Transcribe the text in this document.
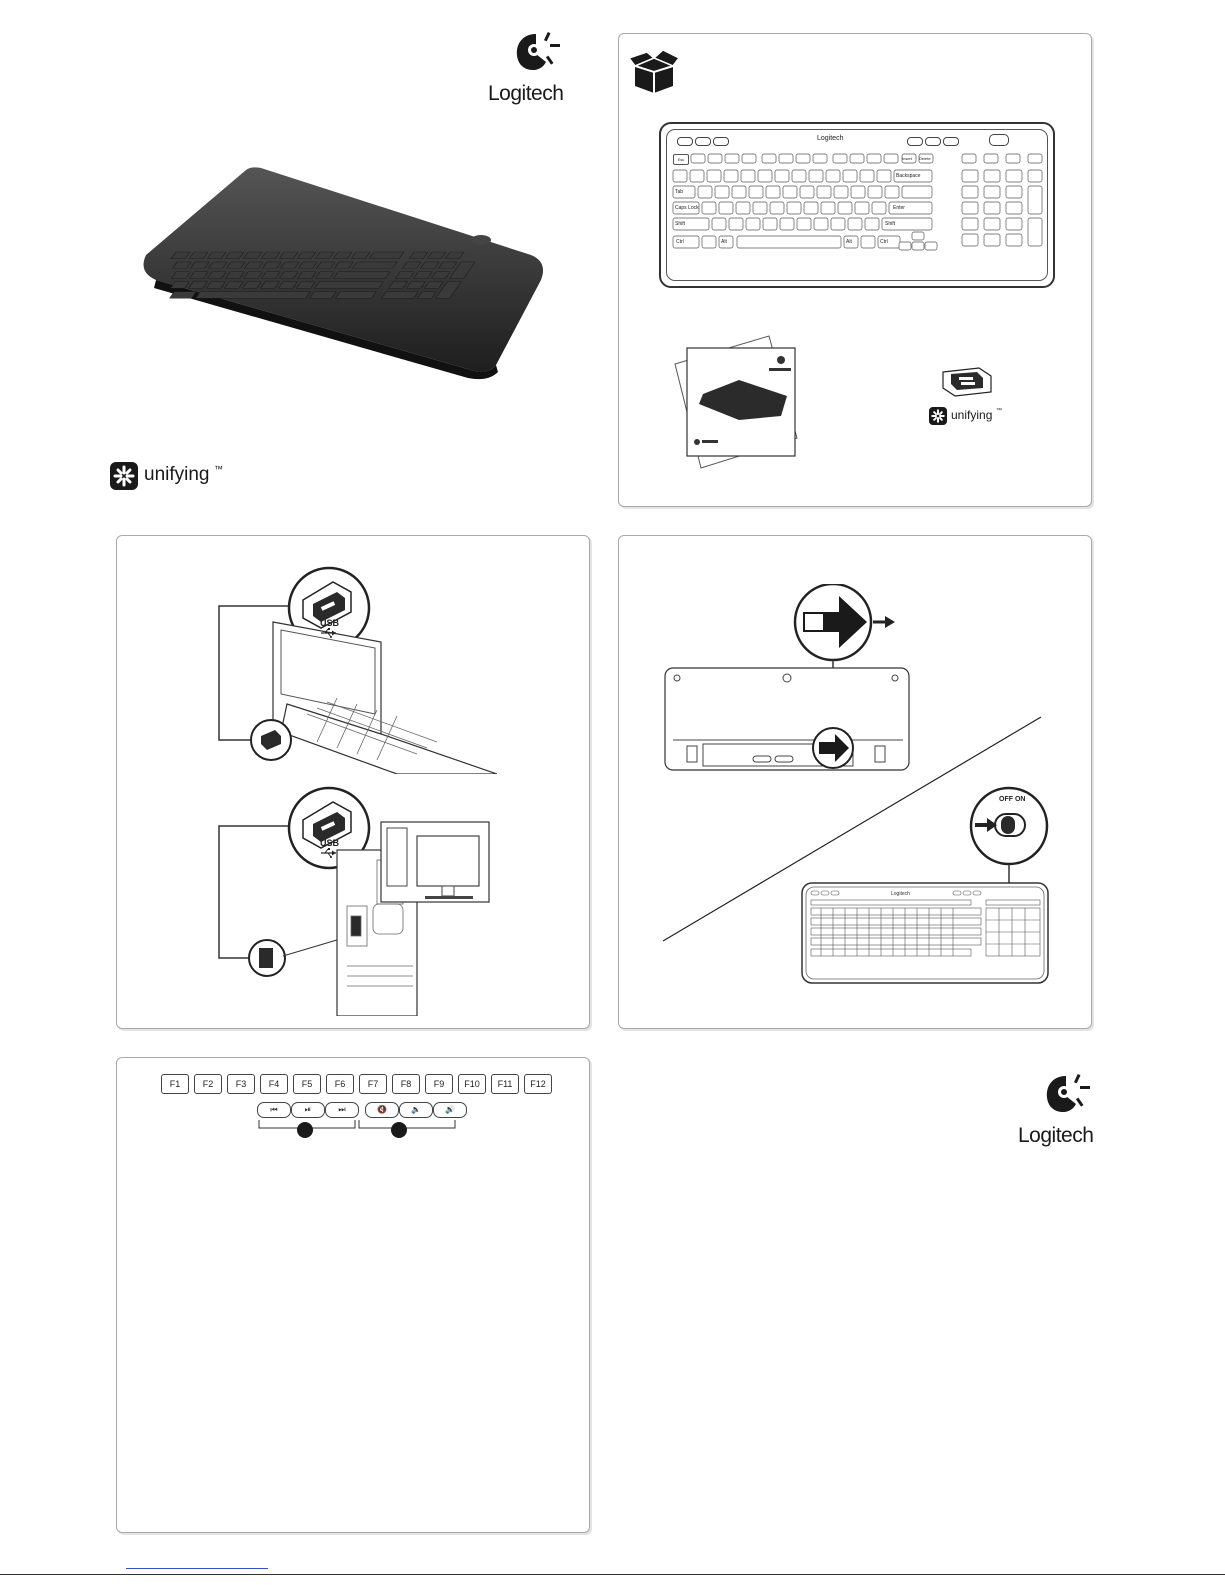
Logitech
unifying ™
Logitech
Esc
Backspace
Tab
Caps Lock	Enter
Shift	Shift
Ctrl	Alt	Alt	Ctrl
Insert Delete
unifying ™
USB
USB
OFF ON
Logitech
F1	F2	F3	F4	F5	F6	F7	F8	F9	F10	F11	F12
⏮	⏯	⏭	🔇	🔉	🔊
Logitech
